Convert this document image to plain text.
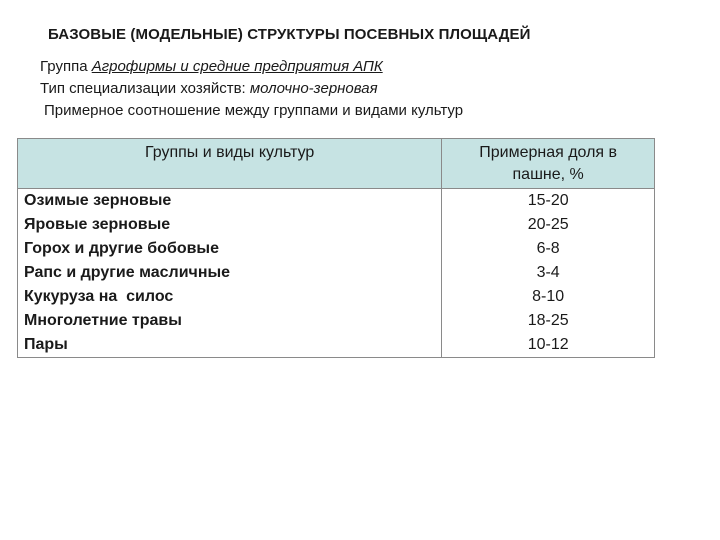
БАЗОВЫЕ (МОДЕЛЬНЫЕ) СТРУКТУРЫ ПОСЕВНЫХ ПЛОЩАДЕЙ
Группа Агрофирмы и средние предприятия АПК
Тип специализации хозяйств: молочно-зерновая
Примерное соотношение между группами и видами культур
Группы и виды культур	Примерная доля в
пашне, %
Озимые зерновые	15-20
Яровые зерновые	20-25
Горох и другие бобовые	6-8
Рапс и другие масличные	3-4
Кукуруза на  силос	8-10
Многолетние травы	18-25
Пары	10-12
